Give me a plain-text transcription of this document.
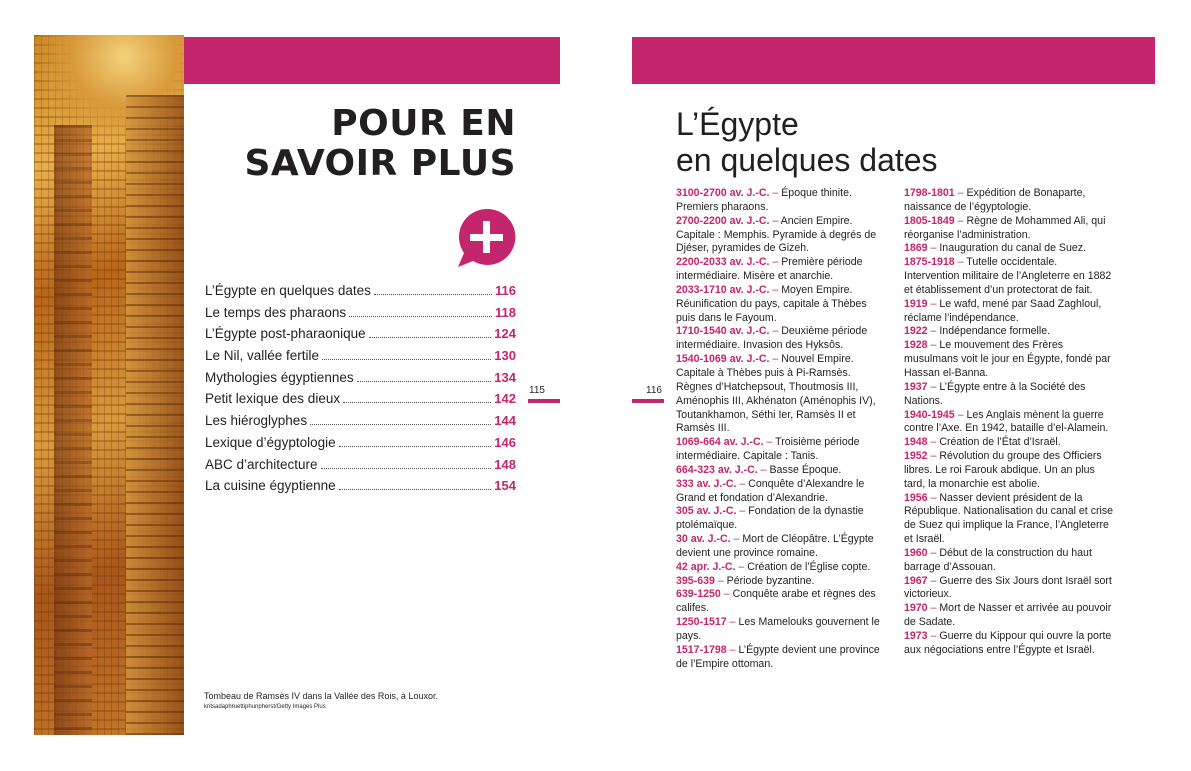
POUR EN
SAVOIR PLUS
L’Égypte en quelques dates	116
Le temps des pharaons	118
L’Égypte post-pharaonique	124
Le Nil, vallée fertile	130
Mythologies égyptiennes	134
Petit lexique des dieux	142
Les hiéroglyphes	144
Lexique d’égyptologie	146
ABC d’architecture	148
La cuisine égyptienne	154
Tombeau de Ramsès IV dans la Vallée des Rois, à Louxor.
kritsadaphruettiphunpherst/Getty Images Plus
115	116
L’Égypte
en quelques dates
3100-2700 av. J.-C. – Époque thinite. Premiers pharaons.
2700-2200 av. J.-C. – Ancien Empire. Capitale : Memphis. Pyramide à degrés de Djéser, pyramides de Gizeh.
2200-2033 av. J.-C. – Première période intermédiaire. Misère et anarchie.
2033-1710 av. J.-C. – Moyen Empire. Réunification du pays, capitale à Thèbes puis dans le Fayoum.
1710-1540 av. J.-C. – Deuxième période intermédiaire. Invasion des Hyksôs.
1540-1069 av. J.-C. – Nouvel Empire. Capitale à Thèbes puis à Pi-Ramsès. Règnes d’Hatchepsout, Thoutmosis III, Aménophis III, Akhénaton (Aménophis IV), Toutankhamon, Séthi Ier, Ramsès II et Ramsès III.
1069-664 av. J.-C. – Troisième période intermédiaire. Capitale : Tanis.
664-323 av. J.-C. – Basse Époque.
333 av. J.-C. – Conquête d’Alexandre le Grand et fondation d’Alexandrie.
305 av. J.-C. – Fondation de la dynastie ptolémaïque.
30 av. J.-C. – Mort de Cléopâtre. L’Égypte devient une province romaine.
42 apr. J.-C. – Création de l’Église copte.
395-639 – Période byzantine.
639-1250 – Conquête arabe et règnes des califes.
1250-1517 – Les Mamelouks gouvernent le pays.
1517-1798 – L’Égypte devient une province de l’Empire ottoman.
1798-1801 – Expédition de Bonaparte, naissance de l’égyptologie.
1805-1849 – Règne de Mohammed Ali, qui réorganise l’administration.
1869 – Inauguration du canal de Suez.
1875-1918 – Tutelle occidentale. Intervention militaire de l’Angleterre en 1882 et établissement d’un protectorat de fait.
1919 – Le wafd, mené par Saad Zaghloul, réclame l’indépendance.
1922 – Indépendance formelle.
1928 – Le mouvement des Frères musulmans voit le jour en Égypte, fondé par Hassan el-Banna.
1937 – L’Égypte entre à la Société des Nations.
1940-1945 – Les Anglais mènent la guerre contre l’Axe. En 1942, bataille d’el-Alamein.
1948 – Création de l’État d’Israël.
1952 – Révolution du groupe des Officiers libres. Le roi Farouk abdique. Un an plus tard, la monarchie est abolie.
1956 – Nasser devient président de la République. Nationalisation du canal et crise de Suez qui implique la France, l’Angleterre et Israël.
1960 – Début de la construction du haut barrage d’Assouan.
1967 – Guerre des Six Jours dont Israël sort victorieux.
1970 – Mort de Nasser et arrivée au pouvoir de Sadate.
1973 – Guerre du Kippour qui ouvre la porte aux négociations entre l’Égypte et Israël.
